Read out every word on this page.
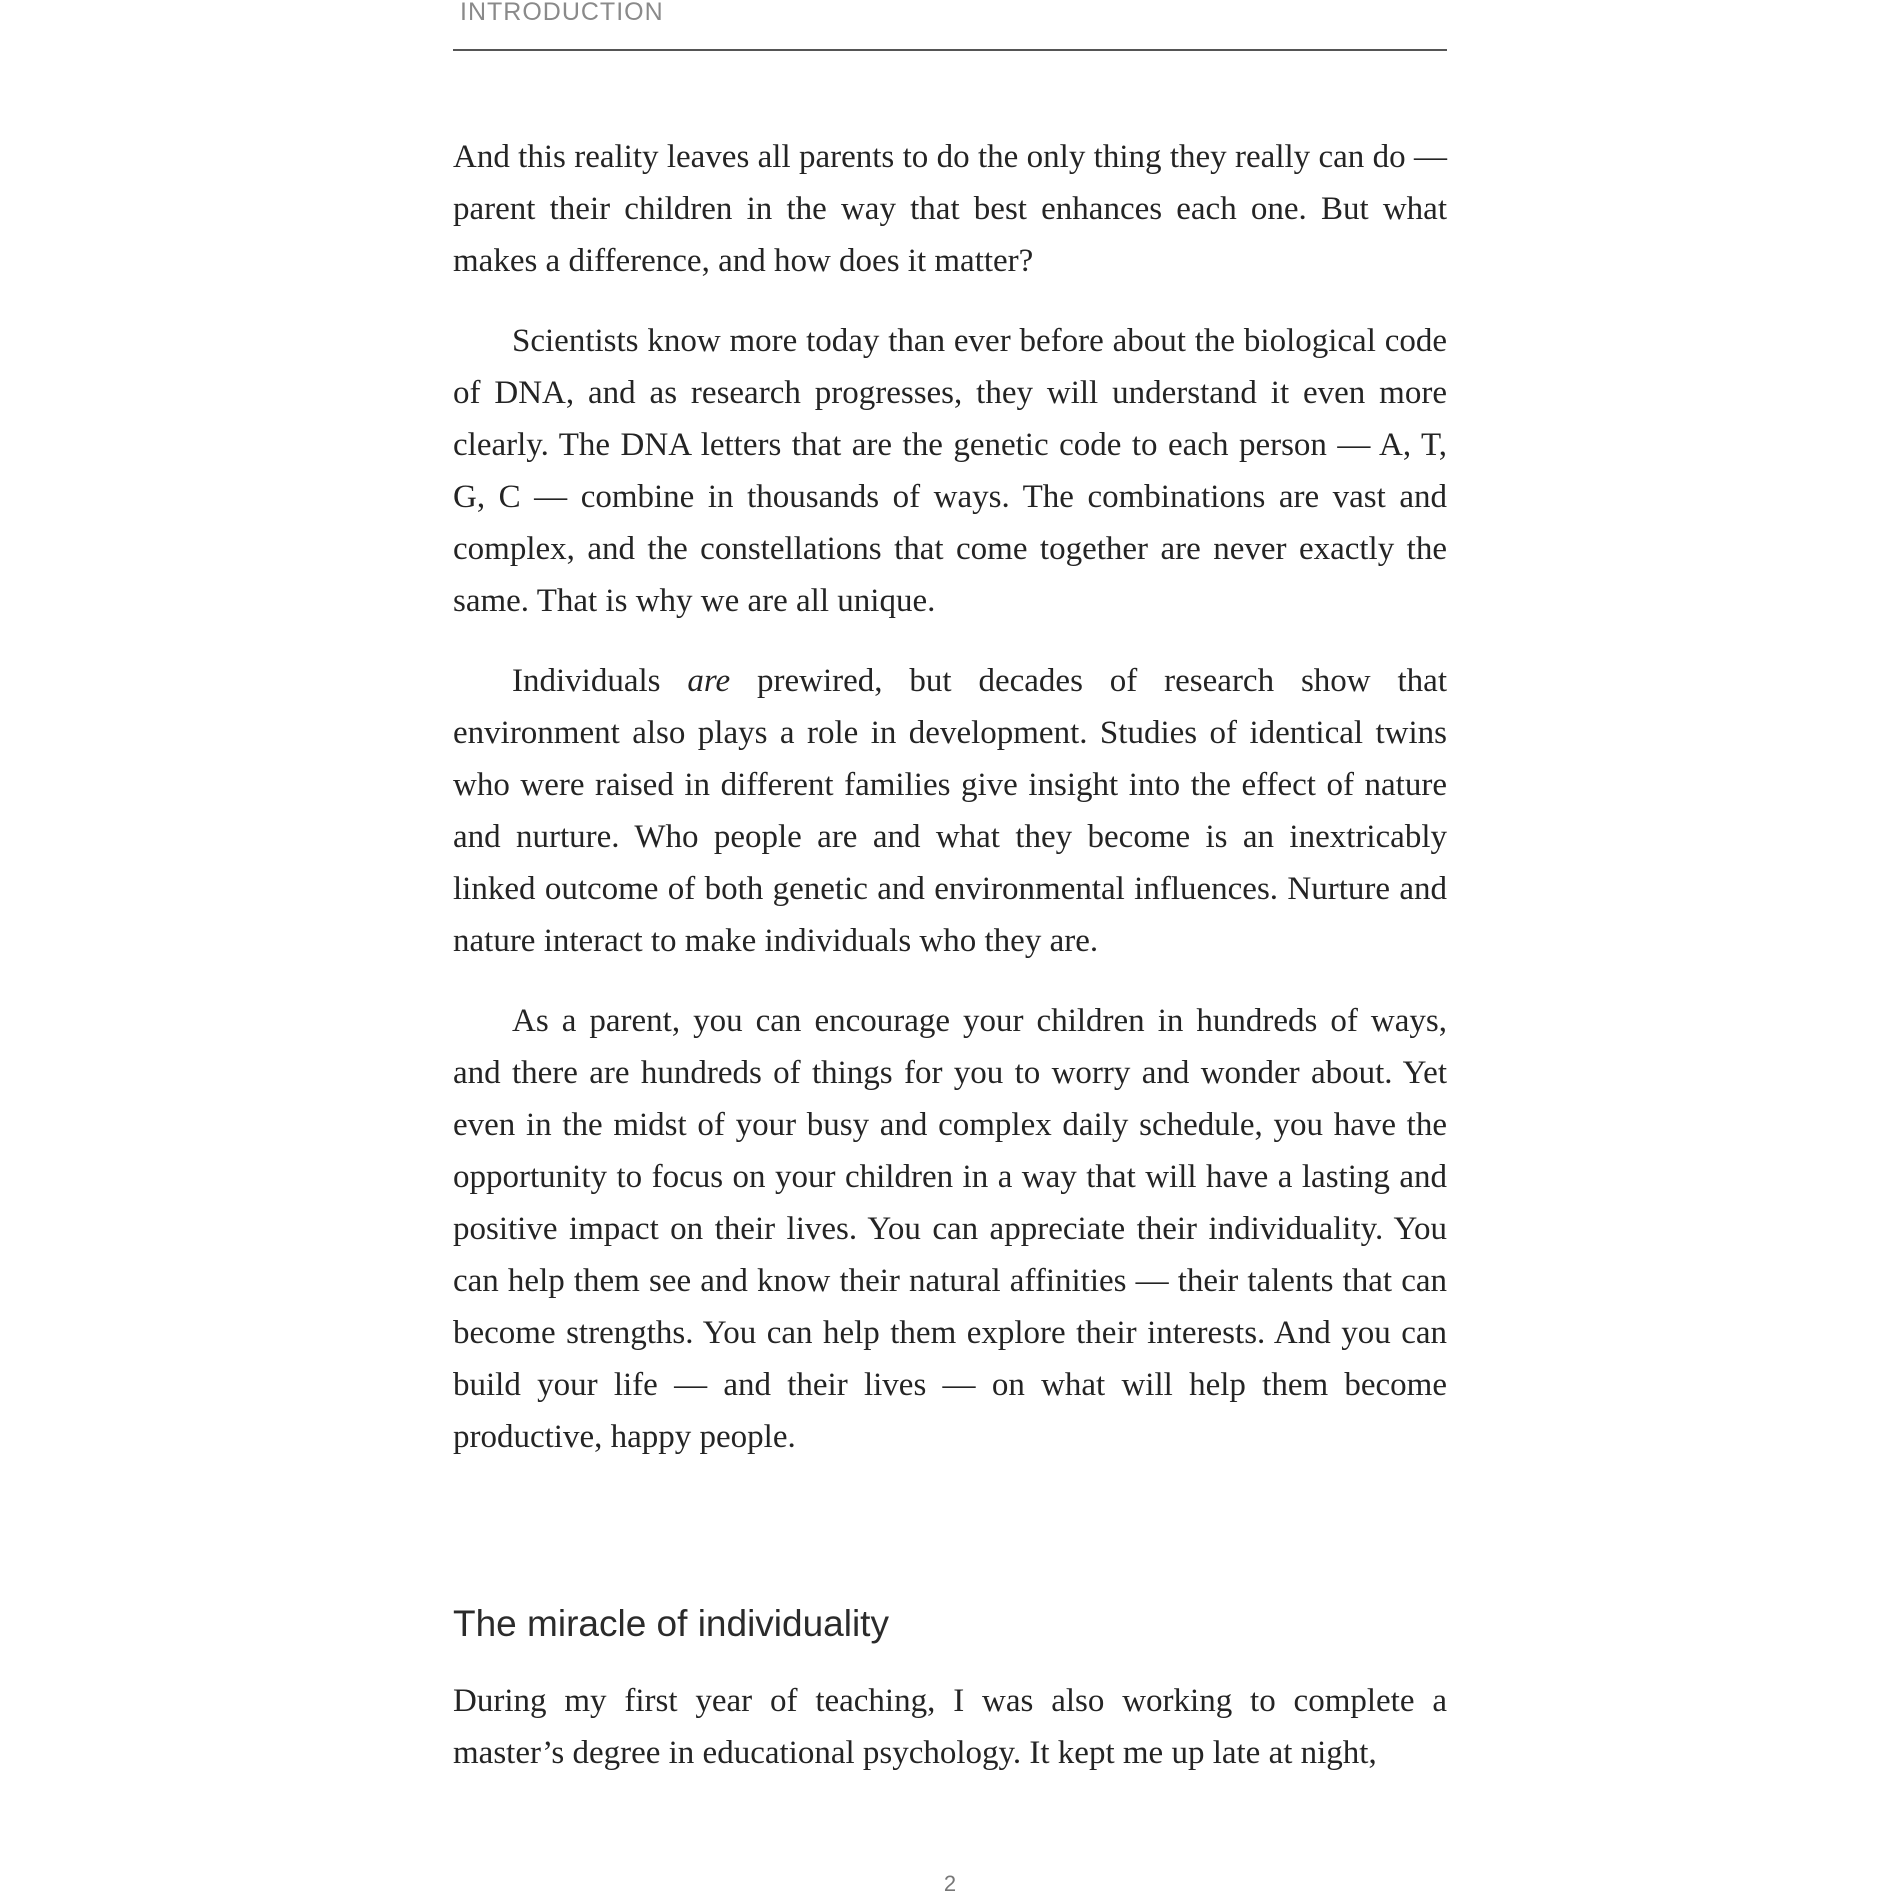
INTRODUCTION

And this reality leaves all parents to do the only thing they really can do — parent their children in the way that best enhances each one. But what makes a difference, and how does it matter?

Scientists know more today than ever before about the biological code of DNA, and as research progresses, they will understand it even more clearly. The DNA letters that are the genetic code to each person — A, T, G, C — combine in thousands of ways. The combinations are vast and complex, and the constellations that come together are never exactly the same. That is why we are all unique.

Individuals are prewired, but decades of research show that environment also plays a role in development. Studies of identical twins who were raised in different families give insight into the effect of nature and nurture. Who people are and what they become is an inextricably linked outcome of both genetic and environmental influences. Nurture and nature interact to make individuals who they are.

As a parent, you can encourage your children in hundreds of ways, and there are hundreds of things for you to worry and wonder about. Yet even in the midst of your busy and complex daily schedule, you have the opportunity to focus on your children in a way that will have a lasting and positive impact on their lives. You can appreciate their individuality. You can help them see and know their natural affinities — their talents that can become strengths. You can help them explore their interests. And you can build your life — and their lives — on what will help them become productive, happy people.

The miracle of individuality

During my first year of teaching, I was also working to complete a master’s degree in educational psychology. It kept me up late at night,

2
